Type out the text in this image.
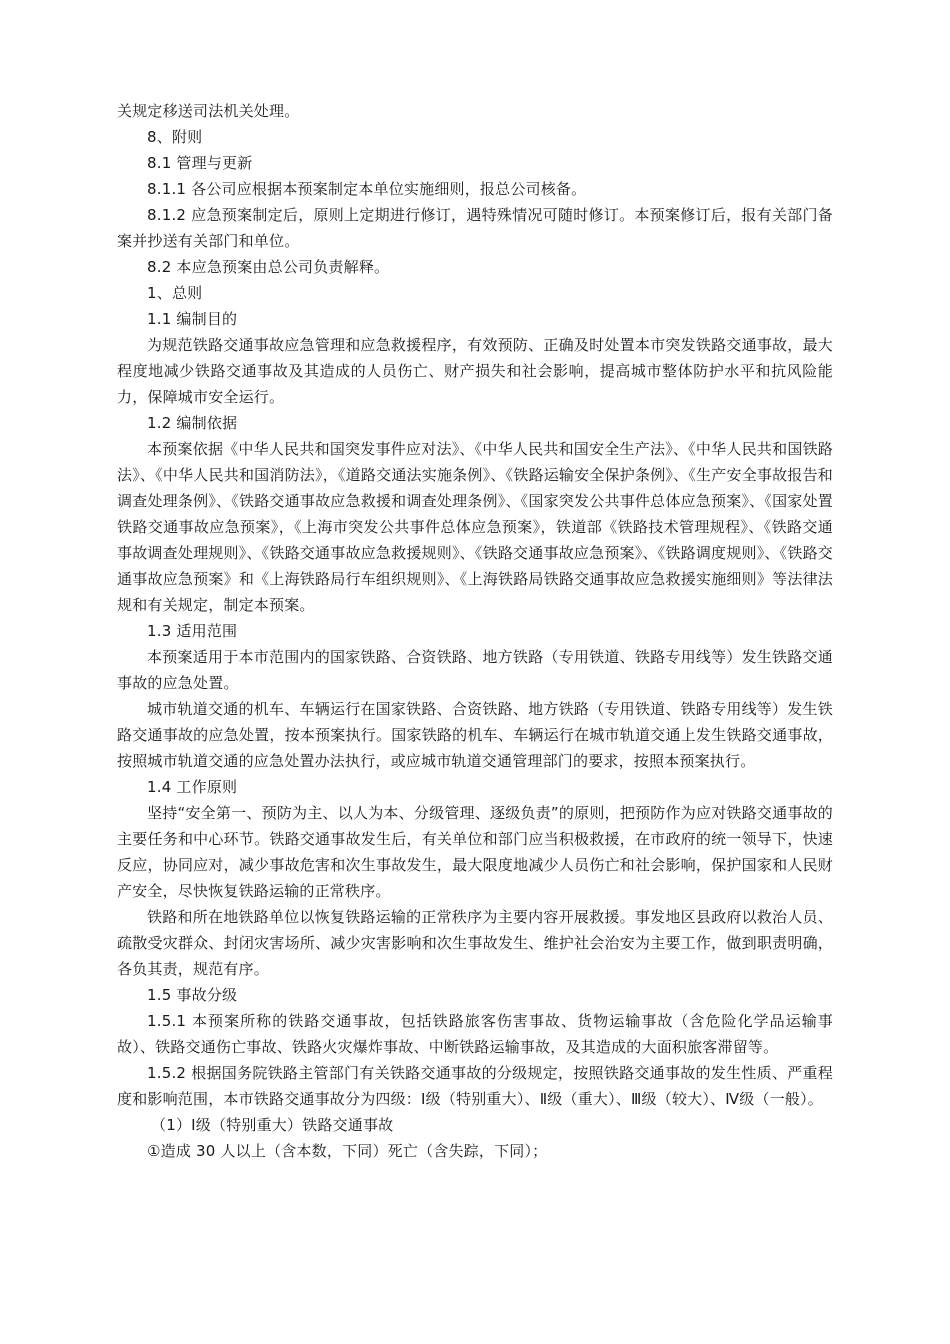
关规定移送司法机关处理。

8、附则

8.1 管理与更新

8.1.1 各公司应根据本预案制定本单位实施细则，报总公司核备。

8.1.2 应急预案制定后，原则上定期进行修订，遇特殊情况可随时修订。本预案修订后，报有关部门备案并抄送有关部门和单位。

8.2 本应急预案由总公司负责解释。

1、总则

1.1 编制目的

为规范铁路交通事故应急管理和应急救援程序，有效预防、正确及时处置本市突发铁路交通事故，最大程度地减少铁路交通事故及其造成的人员伤亡、财产损失和社会影响，提高城市整体防护水平和抗风险能力，保障城市安全运行。

1.2 编制依据

本预案依据《中华人民共和国突发事件应对法》、《中华人民共和国安全生产法》、《中华人民共和国铁路法》、《中华人民共和国消防法》，《道路交通法实施条例》、《铁路运输安全保护条例》、《生产安全事故报告和调查处理条例》、《铁路交通事故应急救援和调查处理条例》、《国家突发公共事件总体应急预案》、《国家处置铁路交通事故应急预案》，《上海市突发公共事件总体应急预案》，铁道部《铁路技术管理规程》、《铁路交通事故调查处理规则》、《铁路交通事故应急救援规则》、《铁路交通事故应急预案》、《铁路调度规则》、《铁路交通事故应急预案》和《上海铁路局行车组织规则》、《上海铁路局铁路交通事故应急救援实施细则》等法律法规和有关规定，制定本预案。

1.3 适用范围

本预案适用于本市范围内的国家铁路、合资铁路、地方铁路（专用铁道、铁路专用线等）发生铁路交通事故的应急处置。

城市轨道交通的机车、车辆运行在国家铁路、合资铁路、地方铁路（专用铁道、铁路专用线等）发生铁路交通事故的应急处置，按本预案执行。国家铁路的机车、车辆运行在城市轨道交通上发生铁路交通事故，按照城市轨道交通的应急处置办法执行，或应城市轨道交通管理部门的要求，按照本预案执行。

1.4 工作原则

坚持“安全第一、预防为主、以人为本、分级管理、逐级负责”的原则，把预防作为应对铁路交通事故的主要任务和中心环节。铁路交通事故发生后，有关单位和部门应当积极救援，在市政府的统一领导下，快速反应，协同应对，减少事故危害和次生事故发生，最大限度地减少人员伤亡和社会影响，保护国家和人民财产安全，尽快恢复铁路运输的正常秩序。

铁路和所在地铁路单位以恢复铁路运输的正常秩序为主要内容开展救援。事发地区县政府以救治人员、疏散受灾群众、封闭灾害场所、减少灾害影响和次生事故发生、维护社会治安为主要工作，做到职责明确，各负其责，规范有序。

1.5 事故分级

1.5.1 本预案所称的铁路交通事故，包括铁路旅客伤害事故、货物运输事故（含危险化学品运输事故）、铁路交通伤亡事故、铁路火灾爆炸事故、中断铁路运输事故，及其造成的大面积旅客滞留等。

1.5.2 根据国务院铁路主管部门有关铁路交通事故的分级规定，按照铁路交通事故的发生性质、严重程度和影响范围，本市铁路交通事故分为四级：Ⅰ级（特别重大）、Ⅱ级（重大）、Ⅲ级（较大）、Ⅳ级（一般）。

（1）Ⅰ级（特别重大）铁路交通事故

①造成 30 人以上（含本数，下同）死亡（含失踪，下同）；
